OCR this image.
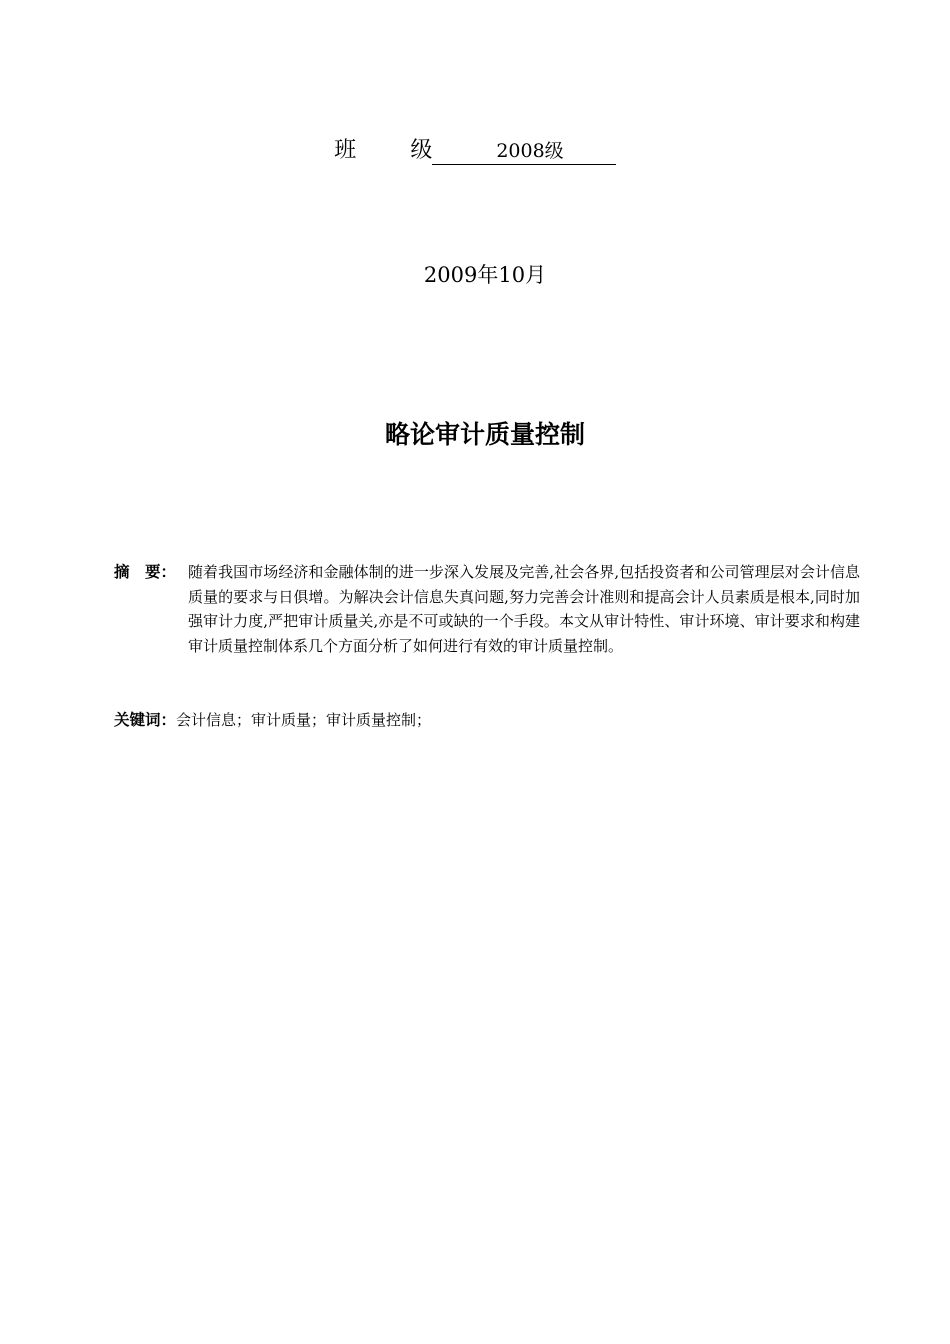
班 级	2008级
2009年10月
略论审计质量控制
摘　要： 随着我国市场经济和金融体制的进一步深入发展及完善,社会各界,包括投资者和公司管理层对会计信息质量的要求与日俱增。为解决会计信息失真问题,努力完善会计准则和提高会计人员素质是根本,同时加强审计力度,严把审计质量关,亦是不可或缺的一个手段。本文从审计特性、审计环境、审计要求和构建审计质量控制体系几个方面分析了如何进行有效的审计质量控制。
关键词：会计信息；审计质量；审计质量控制；
